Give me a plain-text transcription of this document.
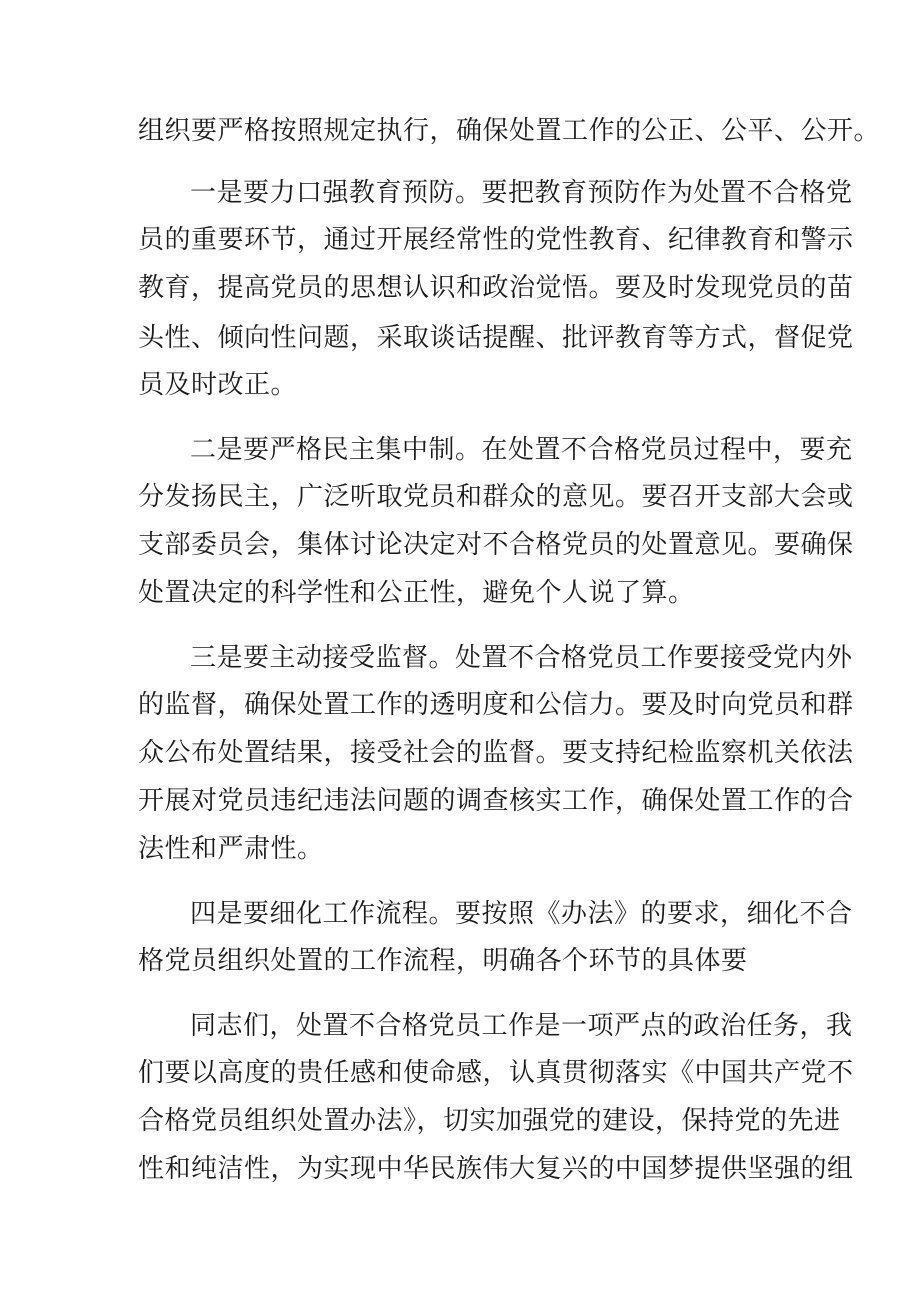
组织要严格按照规定执行，确保处置工作的公正、公平、公开。

一是要力口强教育预防。要把教育预防作为处置不合格党

员的重要环节，通过开展经常性的党性教育、纪律教育和警示

教育，提高党员的思想认识和政治觉悟。要及时发现党员的苗

头性、倾向性问题，采取谈话提醒、批评教育等方式，督促党

员及时改正。

二是要严格民主集中制。在处置不合格党员过程中，要充

分发扬民主，广泛听取党员和群众的意见。要召开支部大会或

支部委员会，集体讨论决定对不合格党员的处置意见。要确保

处置决定的科学性和公正性，避免个人说了算。

三是要主动接受监督。处置不合格党员工作要接受党内外

的监督，确保处置工作的透明度和公信力。要及时向党员和群

众公布处置结果，接受社会的监督。要支持纪检监察机关依法

开展对党员违纪违法问题的调查核实工作，确保处置工作的合

法性和严肃性。

四是要细化工作流程。要按照《办法》的要求，细化不合

格党员组织处置的工作流程，明确各个环节的具体要

同志们，处置不合格党员工作是一项严点的政治任务，我

们要以高度的贵任感和使命感，认真贯彻落实《中国共产党不

合格党员组织处置办法》，切实加强党的建设，保持党的先进

性和纯洁性，为实现中华民族伟大复兴的中国梦提供坚强的组
